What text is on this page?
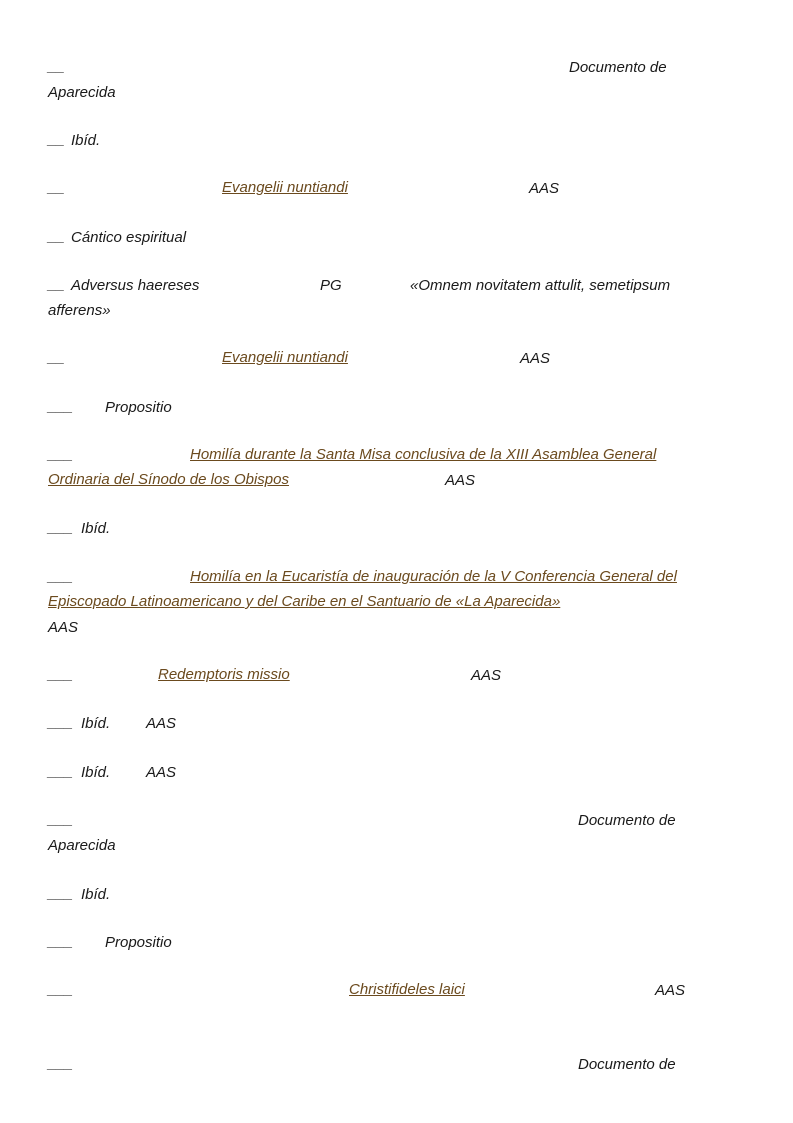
__	Documento de
Aparecida
__ Ibíd.
__	Evangelii nuntiandi	AAS
__ Cántico espiritual
__ Adversus haereses	PG	«Omnem novitatem attulit, semetipsum
afferens»
__	Evangelii nuntiandi	AAS
___ Propositio
___	Homilía durante la Santa Misa conclusiva de la XIII Asamblea General
Ordinaria del Sínodo de los Obispos	AAS
___ Ibíd.
___	Homilía en la Eucaristía de inauguración de la V Conferencia General del
Episcopado Latinoamericano y del Caribe en el Santuario de «La Aparecida»
AAS
___	Redemptoris missio	AAS
___ Ibíd. AAS
___ Ibíd. AAS
___	Documento de
Aparecida
___ Ibíd.
___ Propositio
___	Christifideles laici	AAS
___	Documento de
